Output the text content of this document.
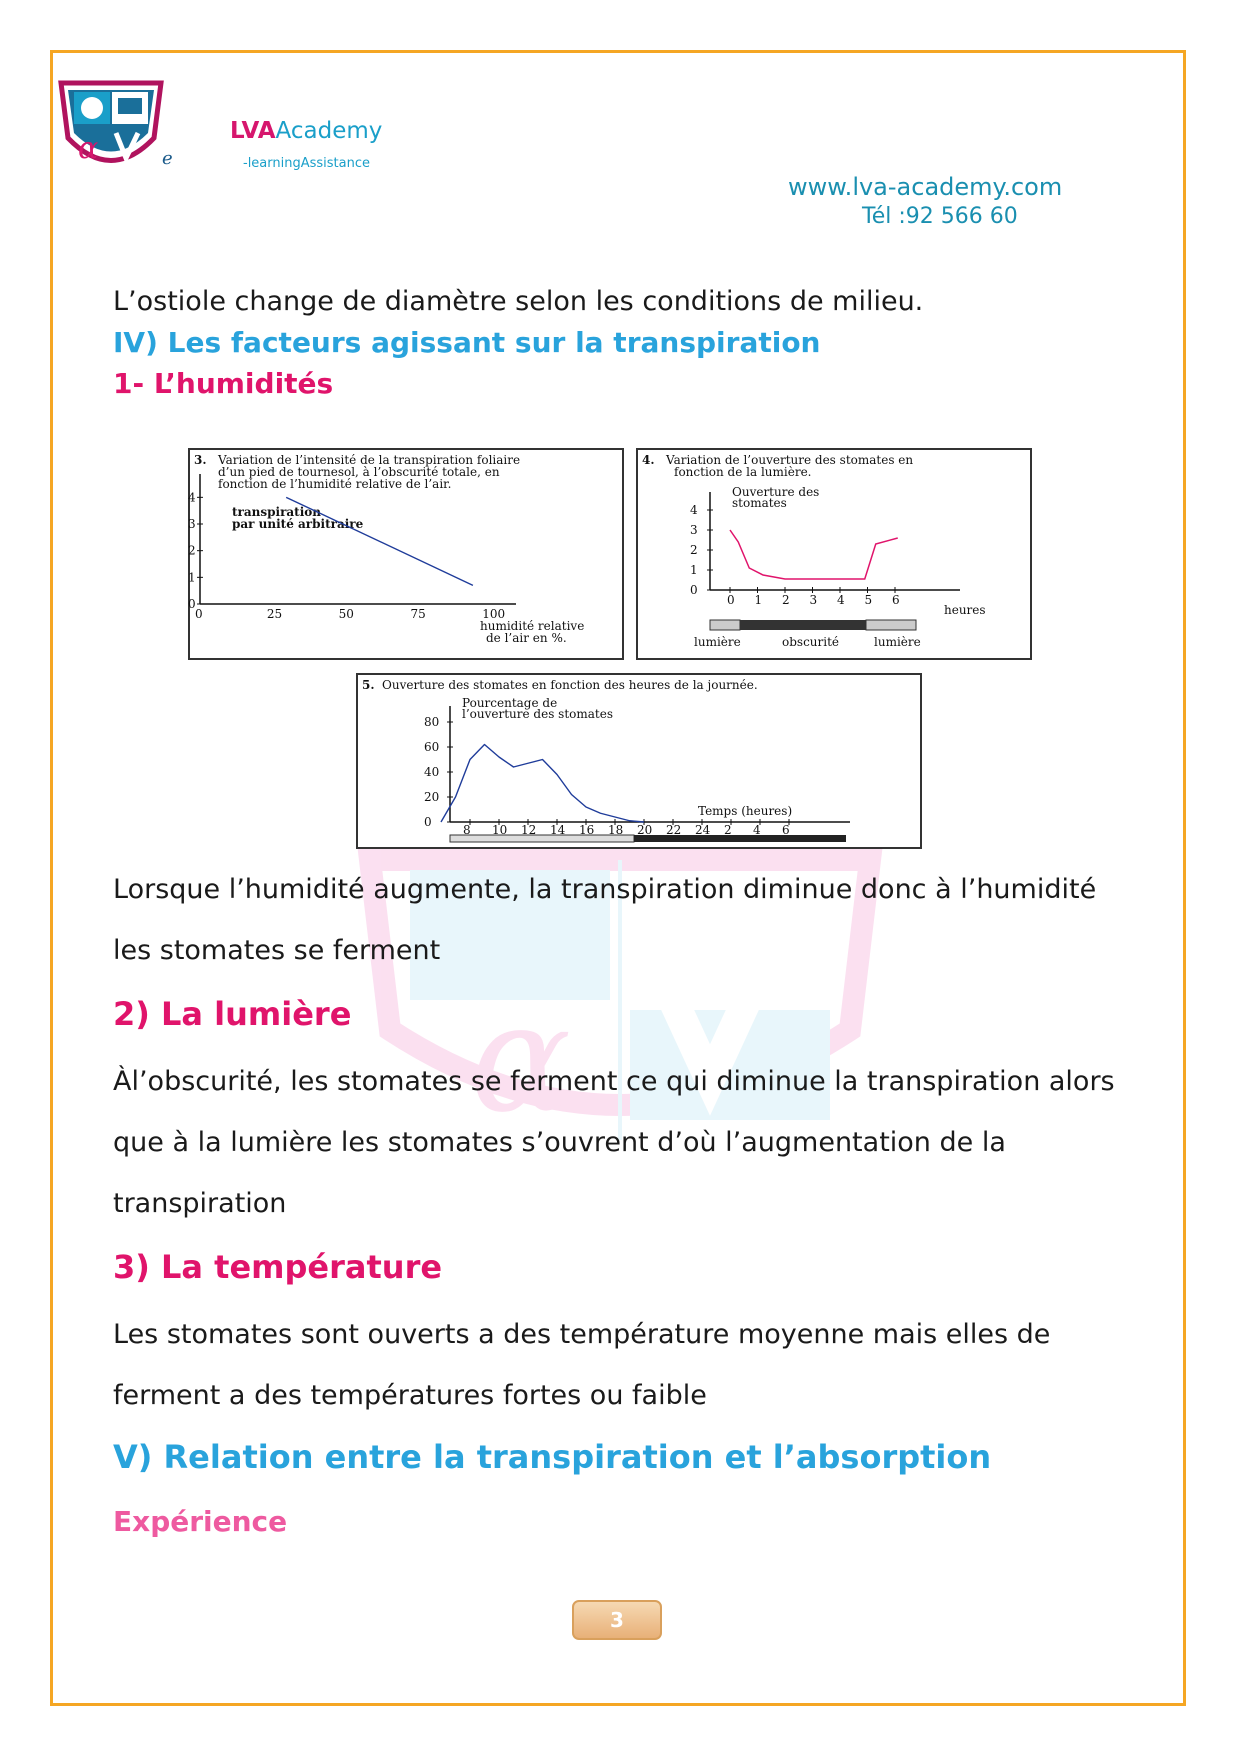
α
α	e
LVAAcademy
-learningAssistance
www.lva-academy.com
Tél :92 566 60
L’ostiole change de diamètre selon les conditions de milieu.
IV) Les facteurs agissant sur la transpiration
1- L’humidités
3. Variation de l’intensité de la transpiration foliaire
d’un pied de tournesol, à l’obscurité totale, en
fonction de l’humidité relative de l’air.
transpiration
par unité arbitraire
humidité relative
de l’air en %.
0	25	50	75	100
0
1
2
3
4
4. Variation de l’ouverture des stomates en
fonction de la lumière.
Ouverture des
stomates
heures
lumière	obscurité	lumière
0 1 2 3 4 5 6
0
1
2
3
4
5. Ouverture des stomates en fonction des heures de la journée.
Pourcentage de
l’ouverture des stomates
Temps (heures)
8 10 12 14 16 18 20 22 24 2 4 6
0
20
40
60
80
Lorsque l’humidité augmente, la transpiration diminue donc à l’humidité
les stomates se ferment
2) La lumière
Àl’obscurité, les stomates se ferment ce qui diminue la transpiration alors
que à la lumière les stomates s’ouvrent d’où l’augmentation de la
transpiration
3) La température
Les stomates sont ouverts a des température moyenne mais elles de
ferment a des températures fortes ou faible
V) Relation entre la transpiration et l’absorption
Expérience
3
